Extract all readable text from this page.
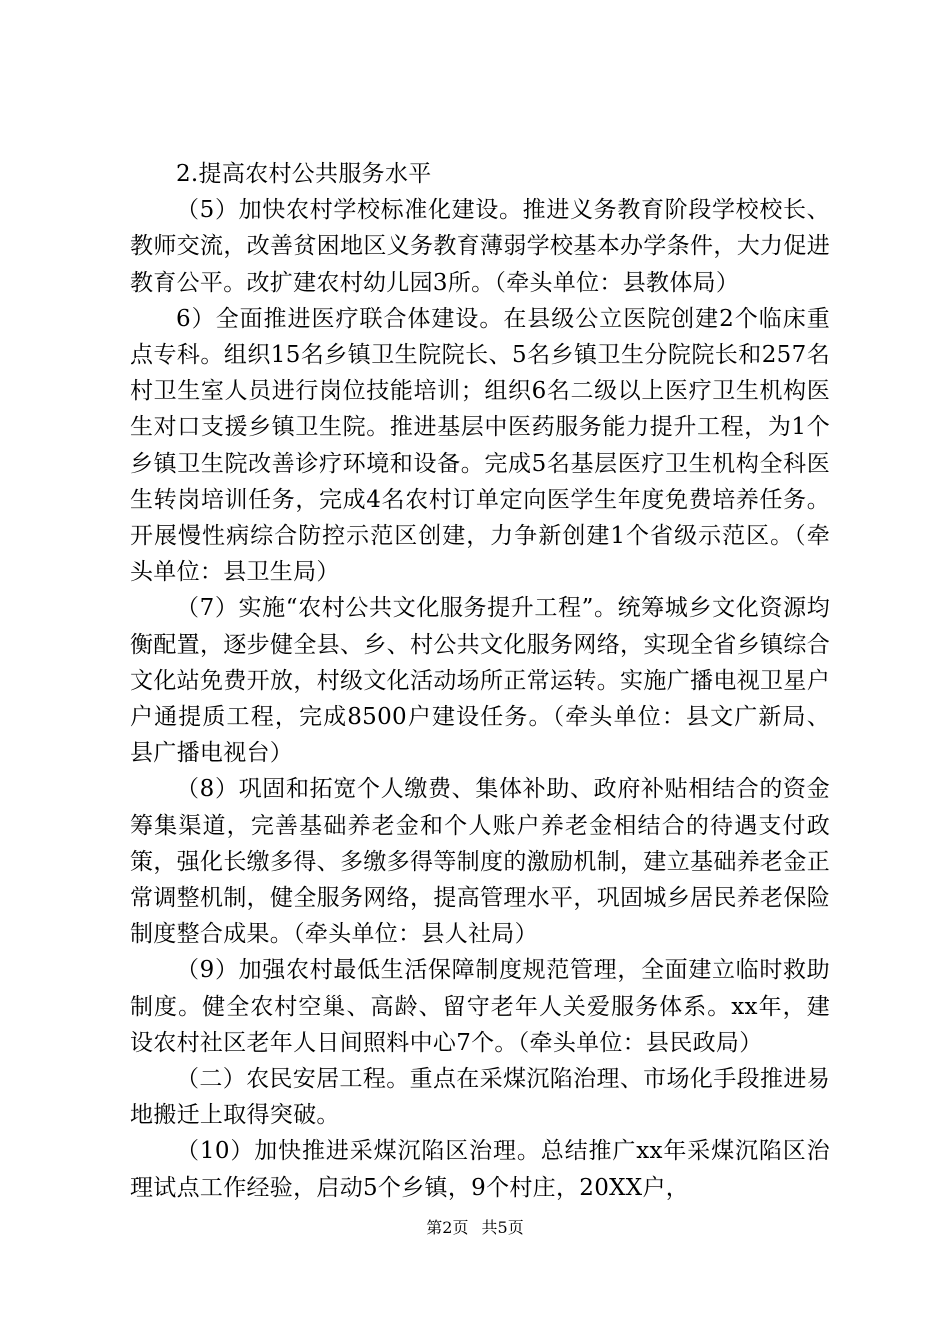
2.提高农村公共服务水平

（5）加快农村学校标准化建设。推进义务教育阶段学校校长、教师交流，改善贫困地区义务教育薄弱学校基本办学条件，大力促进教育公平。改扩建农村幼儿园3所。（牵头单位：县教体局）

6）全面推进医疗联合体建设。在县级公立医院创建2个临床重点专科。组织15名乡镇卫生院院长、5名乡镇卫生分院院长和257名村卫生室人员进行岗位技能培训；组织6名二级以上医疗卫生机构医生对口支援乡镇卫生院。推进基层中医药服务能力提升工程，为1个乡镇卫生院改善诊疗环境和设备。完成5名基层医疗卫生机构全科医生转岗培训任务，完成4名农村订单定向医学生年度免费培养任务。开展慢性病综合防控示范区创建，力争新创建1个省级示范区。（牵头单位：县卫生局）

（7）实施“农村公共文化服务提升工程”。统筹城乡文化资源均衡配置，逐步健全县、乡、村公共文化服务网络，实现全省乡镇综合文化站免费开放，村级文化活动场所正常运转。实施广播电视卫星户户通提质工程，完成8500户建设任务。（牵头单位：县文广新局、县广播电视台）

（8）巩固和拓宽个人缴费、集体补助、政府补贴相结合的资金筹集渠道，完善基础养老金和个人账户养老金相结合的待遇支付政策，强化长缴多得、多缴多得等制度的激励机制，建立基础养老金正常调整机制，健全服务网络，提高管理水平，巩固城乡居民养老保险制度整合成果。（牵头单位：县人社局）

（9）加强农村最低生活保障制度规范管理，全面建立临时救助制度。健全农村空巢、高龄、留守老年人关爱服务体系。xx年，建设农村社区老年人日间照料中心7个。（牵头单位：县民政局）

（二）农民安居工程。重点在采煤沉陷治理、市场化手段推进易地搬迁上取得突破。

（10）加快推进采煤沉陷区治理。总结推广xx年采煤沉陷区治理试点工作经验，启动5个乡镇，9个村庄，20XX户，

第2页 共5页
